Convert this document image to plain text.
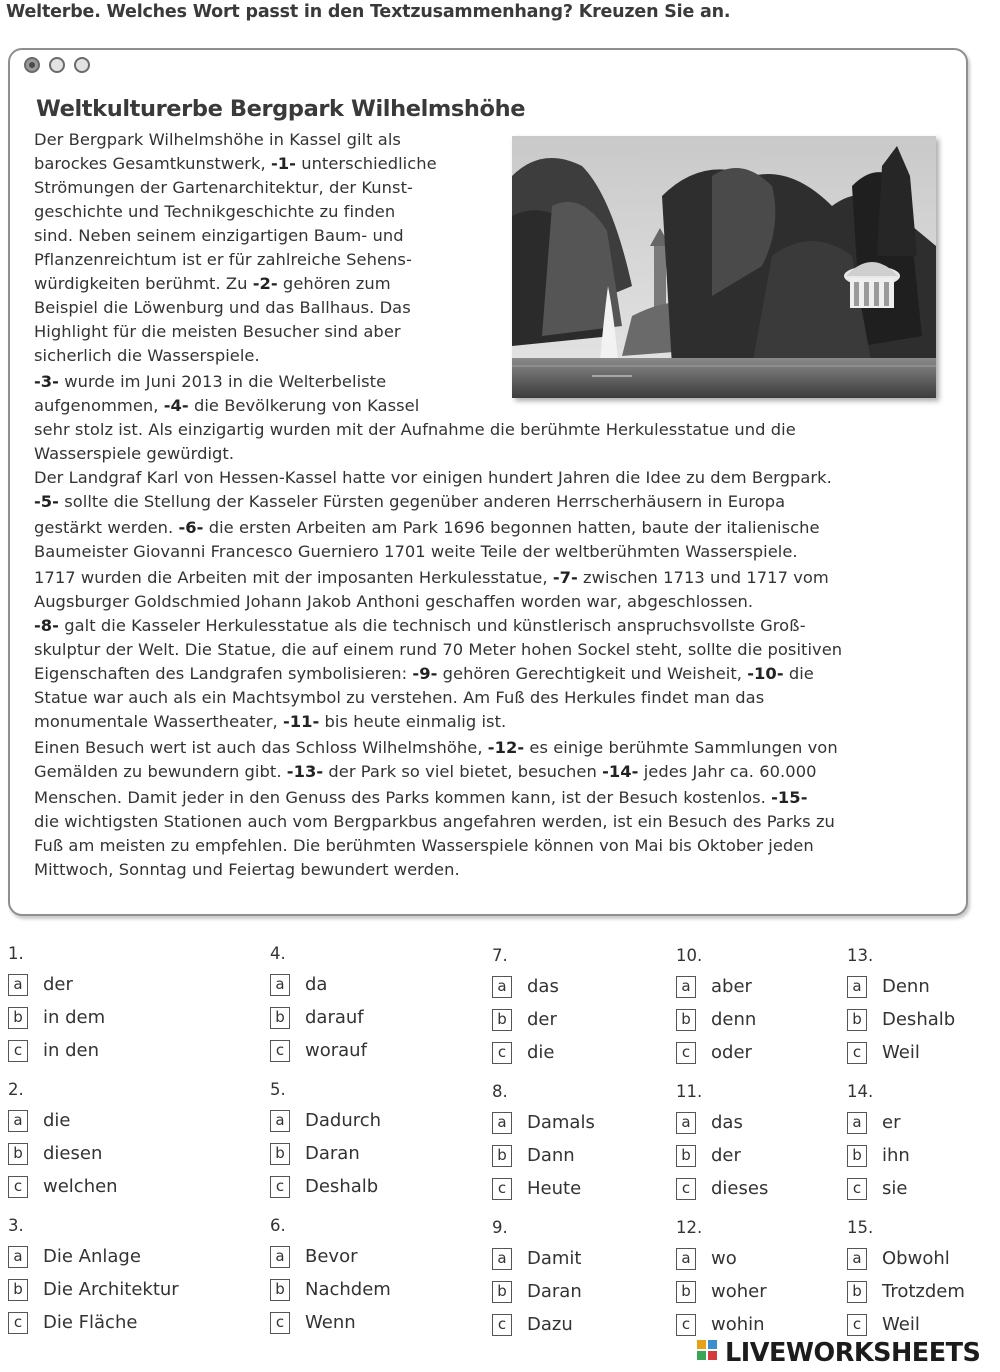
Welterbe. Welches Wort passt in den Textzusammenhang? Kreuzen Sie an.
Weltkulturerbe Bergpark Wilhelmshöhe
Der Bergpark Wilhelmshöhe in Kassel gilt als
barockes Gesamtkunstwerk, -1- unterschiedliche
Strömungen der Gartenarchitektur, der Kunst-
geschichte und Technikgeschichte zu finden
sind. Neben seinem einzigartigen Baum- und
Pflanzenreichtum ist er für zahlreiche Sehens-
würdigkeiten berühmt. Zu -2- gehören zum
Beispiel die Löwenburg und das Ballhaus. Das
Highlight für die meisten Besucher sind aber
sicherlich die Wasserspiele.
-3- wurde im Juni 2013 in die Welterbeliste
aufgenommen, -4- die Bevölkerung von Kassel
sehr stolz ist. Als einzigartig wurden mit der Aufnahme die berühmte Herkulesstatue und die
Wasserspiele gewürdigt.
Der Landgraf Karl von Hessen-Kassel hatte vor einigen hundert Jahren die Idee zu dem Bergpark.
-5- sollte die Stellung der Kasseler Fürsten gegenüber anderen Herrscherhäusern in Europa
gestärkt werden. -6- die ersten Arbeiten am Park 1696 begonnen hatten, baute der italienische
Baumeister Giovanni Francesco Guerniero 1701 weite Teile der weltberühmten Wasserspiele.
1717 wurden die Arbeiten mit der imposanten Herkulesstatue, -7- zwischen 1713 und 1717 vom
Augsburger Goldschmied Johann Jakob Anthoni geschaffen worden war, abgeschlossen.
-8- galt die Kasseler Herkulesstatue als die technisch und künstlerisch anspruchsvollste Groß-
skulptur der Welt. Die Statue, die auf einem rund 70 Meter hohen Sockel steht, sollte die positiven
Eigenschaften des Landgrafen symbolisieren: -9- gehören Gerechtigkeit und Weisheit, -10- die
Statue war auch als ein Machtsymbol zu verstehen. Am Fuß des Herkules findet man das
monumentale Wassertheater, -11- bis heute einmalig ist.
Einen Besuch wert ist auch das Schloss Wilhelmshöhe, -12- es einige berühmte Sammlungen von
Gemälden zu bewundern gibt. -13- der Park so viel bietet, besuchen -14- jedes Jahr ca. 60.000
Menschen. Damit jeder in den Genuss des Parks kommen kann, ist der Besuch kostenlos. -15-
die wichtigsten Stationen auch vom Bergparkbus angefahren werden, ist ein Besuch des Parks zu
Fuß am meisten zu empfehlen. Die berühmten Wasserspiele können von Mai bis Oktober jeden
Mittwoch, Sonntag und Feiertag bewundert werden.
1.
a	der
b in dem
c	in den
2.
a	die
b diesen
c	welchen
3.
a	Die Anlage
b Die Architektur
c	Die Fläche
4.
a	da
b darauf
c	worauf
5.
a	Dadurch
b Daran
c	Deshalb
6.
a	Bevor
b Nachdem
c	Wenn
7.
a	das
b der
c	die
8.
a	Damals
b Dann
c	Heute
9.
a	Damit
b Daran
c	Dazu
10.
a	aber
b denn
c	oder
11.
a	das
b der
c	dieses
12.
a	wo
b woher
c	wohin
13.
a	Denn
b Deshalb
c	Weil
14.
a	er
b ihn
c	sie
15.
a	Obwohl
b Trotzdem
c	Weil
LIVEWORKSHEETS
